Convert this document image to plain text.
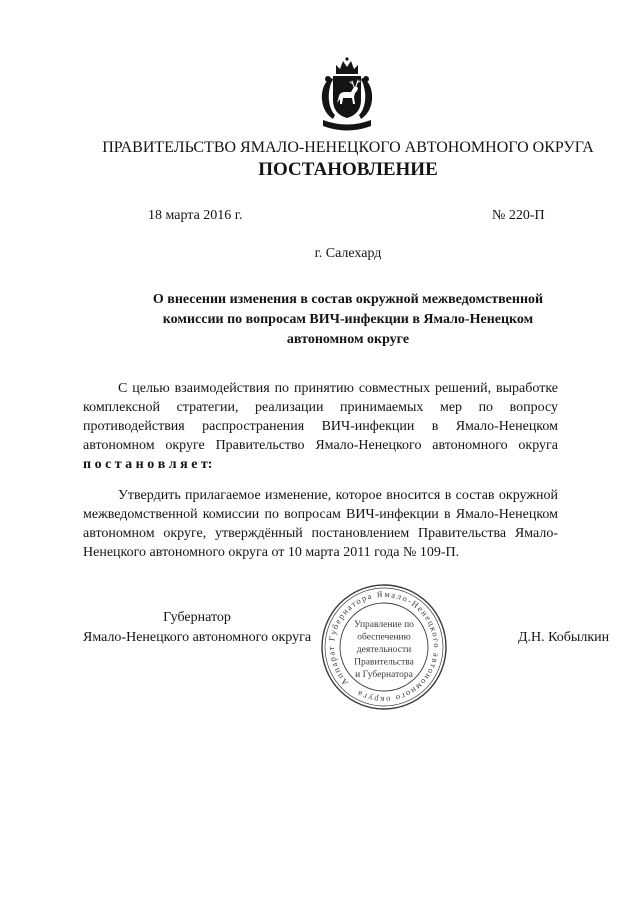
ПРАВИТЕЛЬСТВО ЯМАЛО-НЕНЕЦКОГО АВТОНОМНОГО ОКРУГА
ПОСТАНОВЛЕНИЕ
18 марта 2016 г.	№ 220-П
г. Салехард
О внесении изменения в состав окружной межведомственной
комиссии по вопросам ВИЧ-инфекции в Ямало-Ненецком
автономном округе
С целью взаимодействия по принятию совместных решений, выработке
комплексной стратегии, реализации принимаемых мер по вопросу
противодействия распространения ВИЧ-инфекции в Ямало-Ненецком
автономном округе Правительство Ямало-Ненецкого автономного округа
п о с т а н о в л я е т:
Утвердить прилагаемое изменение, которое вносится в состав окружной
межведомственной комиссии по вопросам ВИЧ-инфекции в Ямало-Ненецком
автономном округе, утверждённый постановлением Правительства Ямало-
Ненецкого автономного округа от 10 марта 2011 года № 109-П.
Губернатор
Ямало-Ненецкого автономного округа	Д.Н. Кобылкин
Аппарат Губернатора Ямало-Ненецкого автономного округа
Управление по
обеспечению
деятельности
Правительства
и Губернатора
